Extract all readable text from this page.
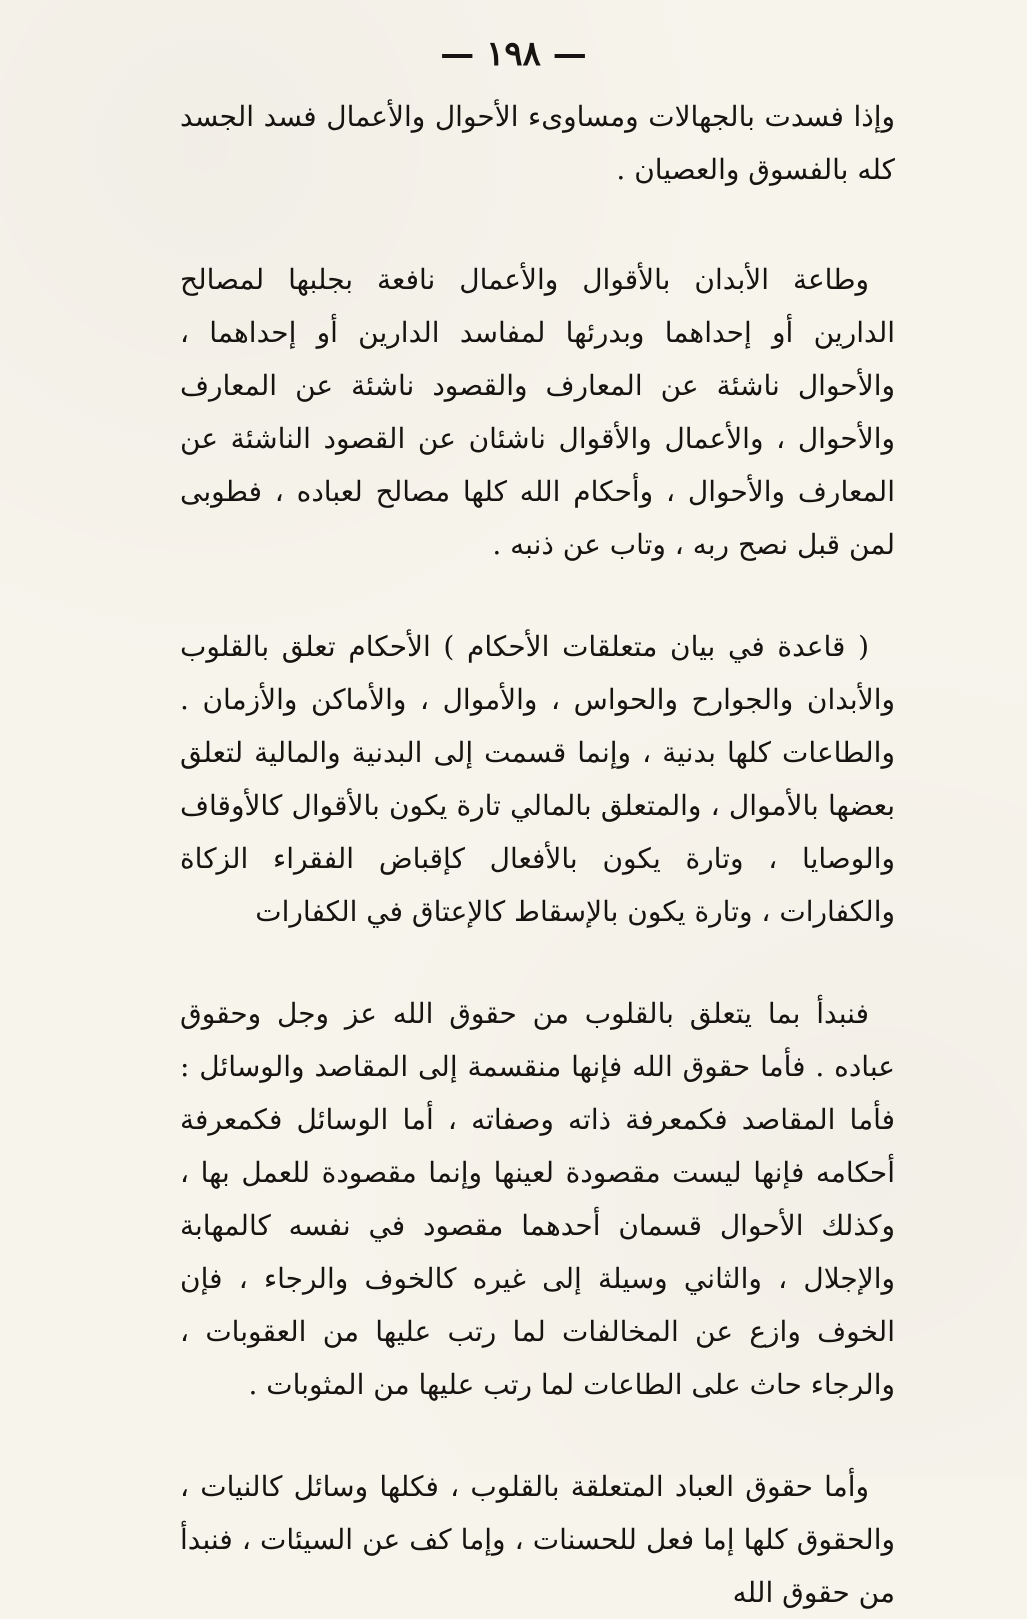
— ١٩٨ —

وإذا فسدت بالجهالات ومساوىء الأحوال والأعمال فسد الجسد كله بالفسوق والعصيان .

وطاعة الأبدان بالأقوال والأعمال نافعة بجلبها لمصالح الدارين أو إحداهما وبدرئها لمفاسد الدارين أو إحداهما ، والأحوال ناشئة عن المعارف والقصود ناشئة عن المعارف والأحوال ، والأعمال والأقوال ناشئان عن القصود الناشئة عن المعارف والأحوال ، وأحكام الله كلها مصالح لعباده ، فطوبى لمن قبل نصح ربه ، وتاب عن ذنبه .

( قاعدة في بيان متعلقات الأحكام ) الأحكام تعلق بالقلوب والأبدان والجوارح والحواس ، والأموال ، والأماكن والأزمان . والطاعات كلها بدنية ، وإنما قسمت إلى البدنية والمالية لتعلق بعضها بالأموال ، والمتعلق بالمالي تارة يكون بالأقوال كالأوقاف والوصايا ، وتارة يكون بالأفعال كإقباض الفقراء الزكاة والكفارات ، وتارة يكون بالإسقاط كالإعتاق في الكفارات

فنبدأ بما يتعلق بالقلوب من حقوق الله عز وجل وحقوق عباده . فأما حقوق الله فإنها منقسمة إلى المقاصد والوسائل : فأما المقاصد فكمعرفة ذاته وصفاته ، أما الوسائل فكمعرفة أحكامه فإنها ليست مقصودة لعينها وإنما مقصودة للعمل بها ، وكذلك الأحوال قسمان أحدهما مقصود في نفسه كالمهابة والإجلال ، والثاني وسيلة إلى غيره كالخوف والرجاء ، فإن الخوف وازع عن المخالفات لما رتب عليها من العقوبات ، والرجاء حاث على الطاعات لما رتب عليها من المثوبات .

وأما حقوق العباد المتعلقة بالقلوب ، فكلها وسائل كالنيات ، والحقوق كلها إما فعل للحسنات ، وإما كف عن السيئات ، فنبدأ من حقوق الله
